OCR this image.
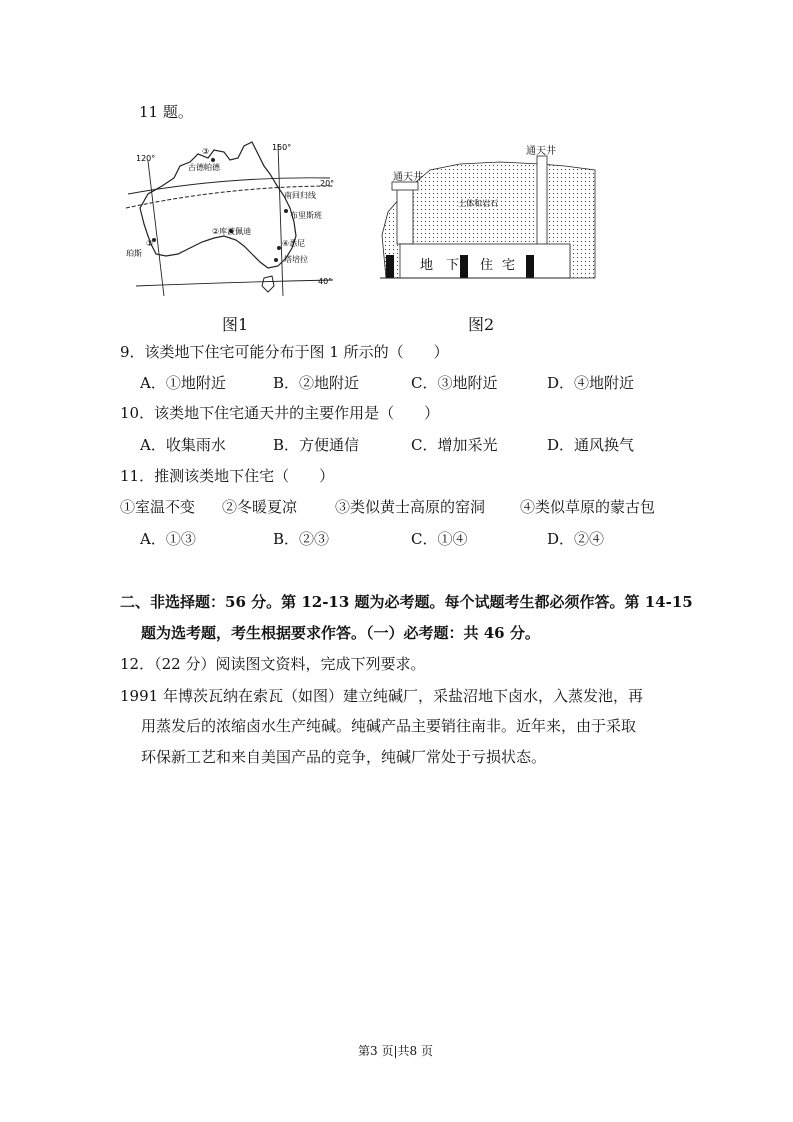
11 题。
120°
150°
20°
40°
南回归线
③
古德帕德
布里斯班
②库波佩迪
④悉尼
①
珀斯
塔培拉
通天井
通天井
土体和岩石
地 下 住 宅
图1	图2
9．该类地下住宅可能分布于图 1 所示的（　　）
A．①地附近	B．②地附近	C．③地附近	D．④地附近
10．该类地下住宅通天井的主要作用是（　　）
A．收集雨水	B．方便通信	C．增加采光	D．通风换气
11．推测该类地下住宅（　　）
①室温不变 ②冬暖夏凉	③类似黄士高原的窑洞 ④类似草原的蒙古包
A．①③	B．②③	C．①④	D．②④
二、非选择题：56 分。第 12-13 题为必考题。每个试题考生都必须作答。第 14-15
题为选考题，考生根据要求作答。（一）必考题：共 46 分。
12．（22 分）阅读图文资料，完成下列要求。
1991 年博茨瓦纳在索瓦（如图）建立纯碱厂，采盐沼地下卤水，入蒸发池，再
用蒸发后的浓缩卤水生产纯碱。纯碱产品主要销往南非。近年来，由于采取
环保新工艺和来自美国产品的竞争，纯碱厂常处于亏损状态。
第3 页|共8 页
